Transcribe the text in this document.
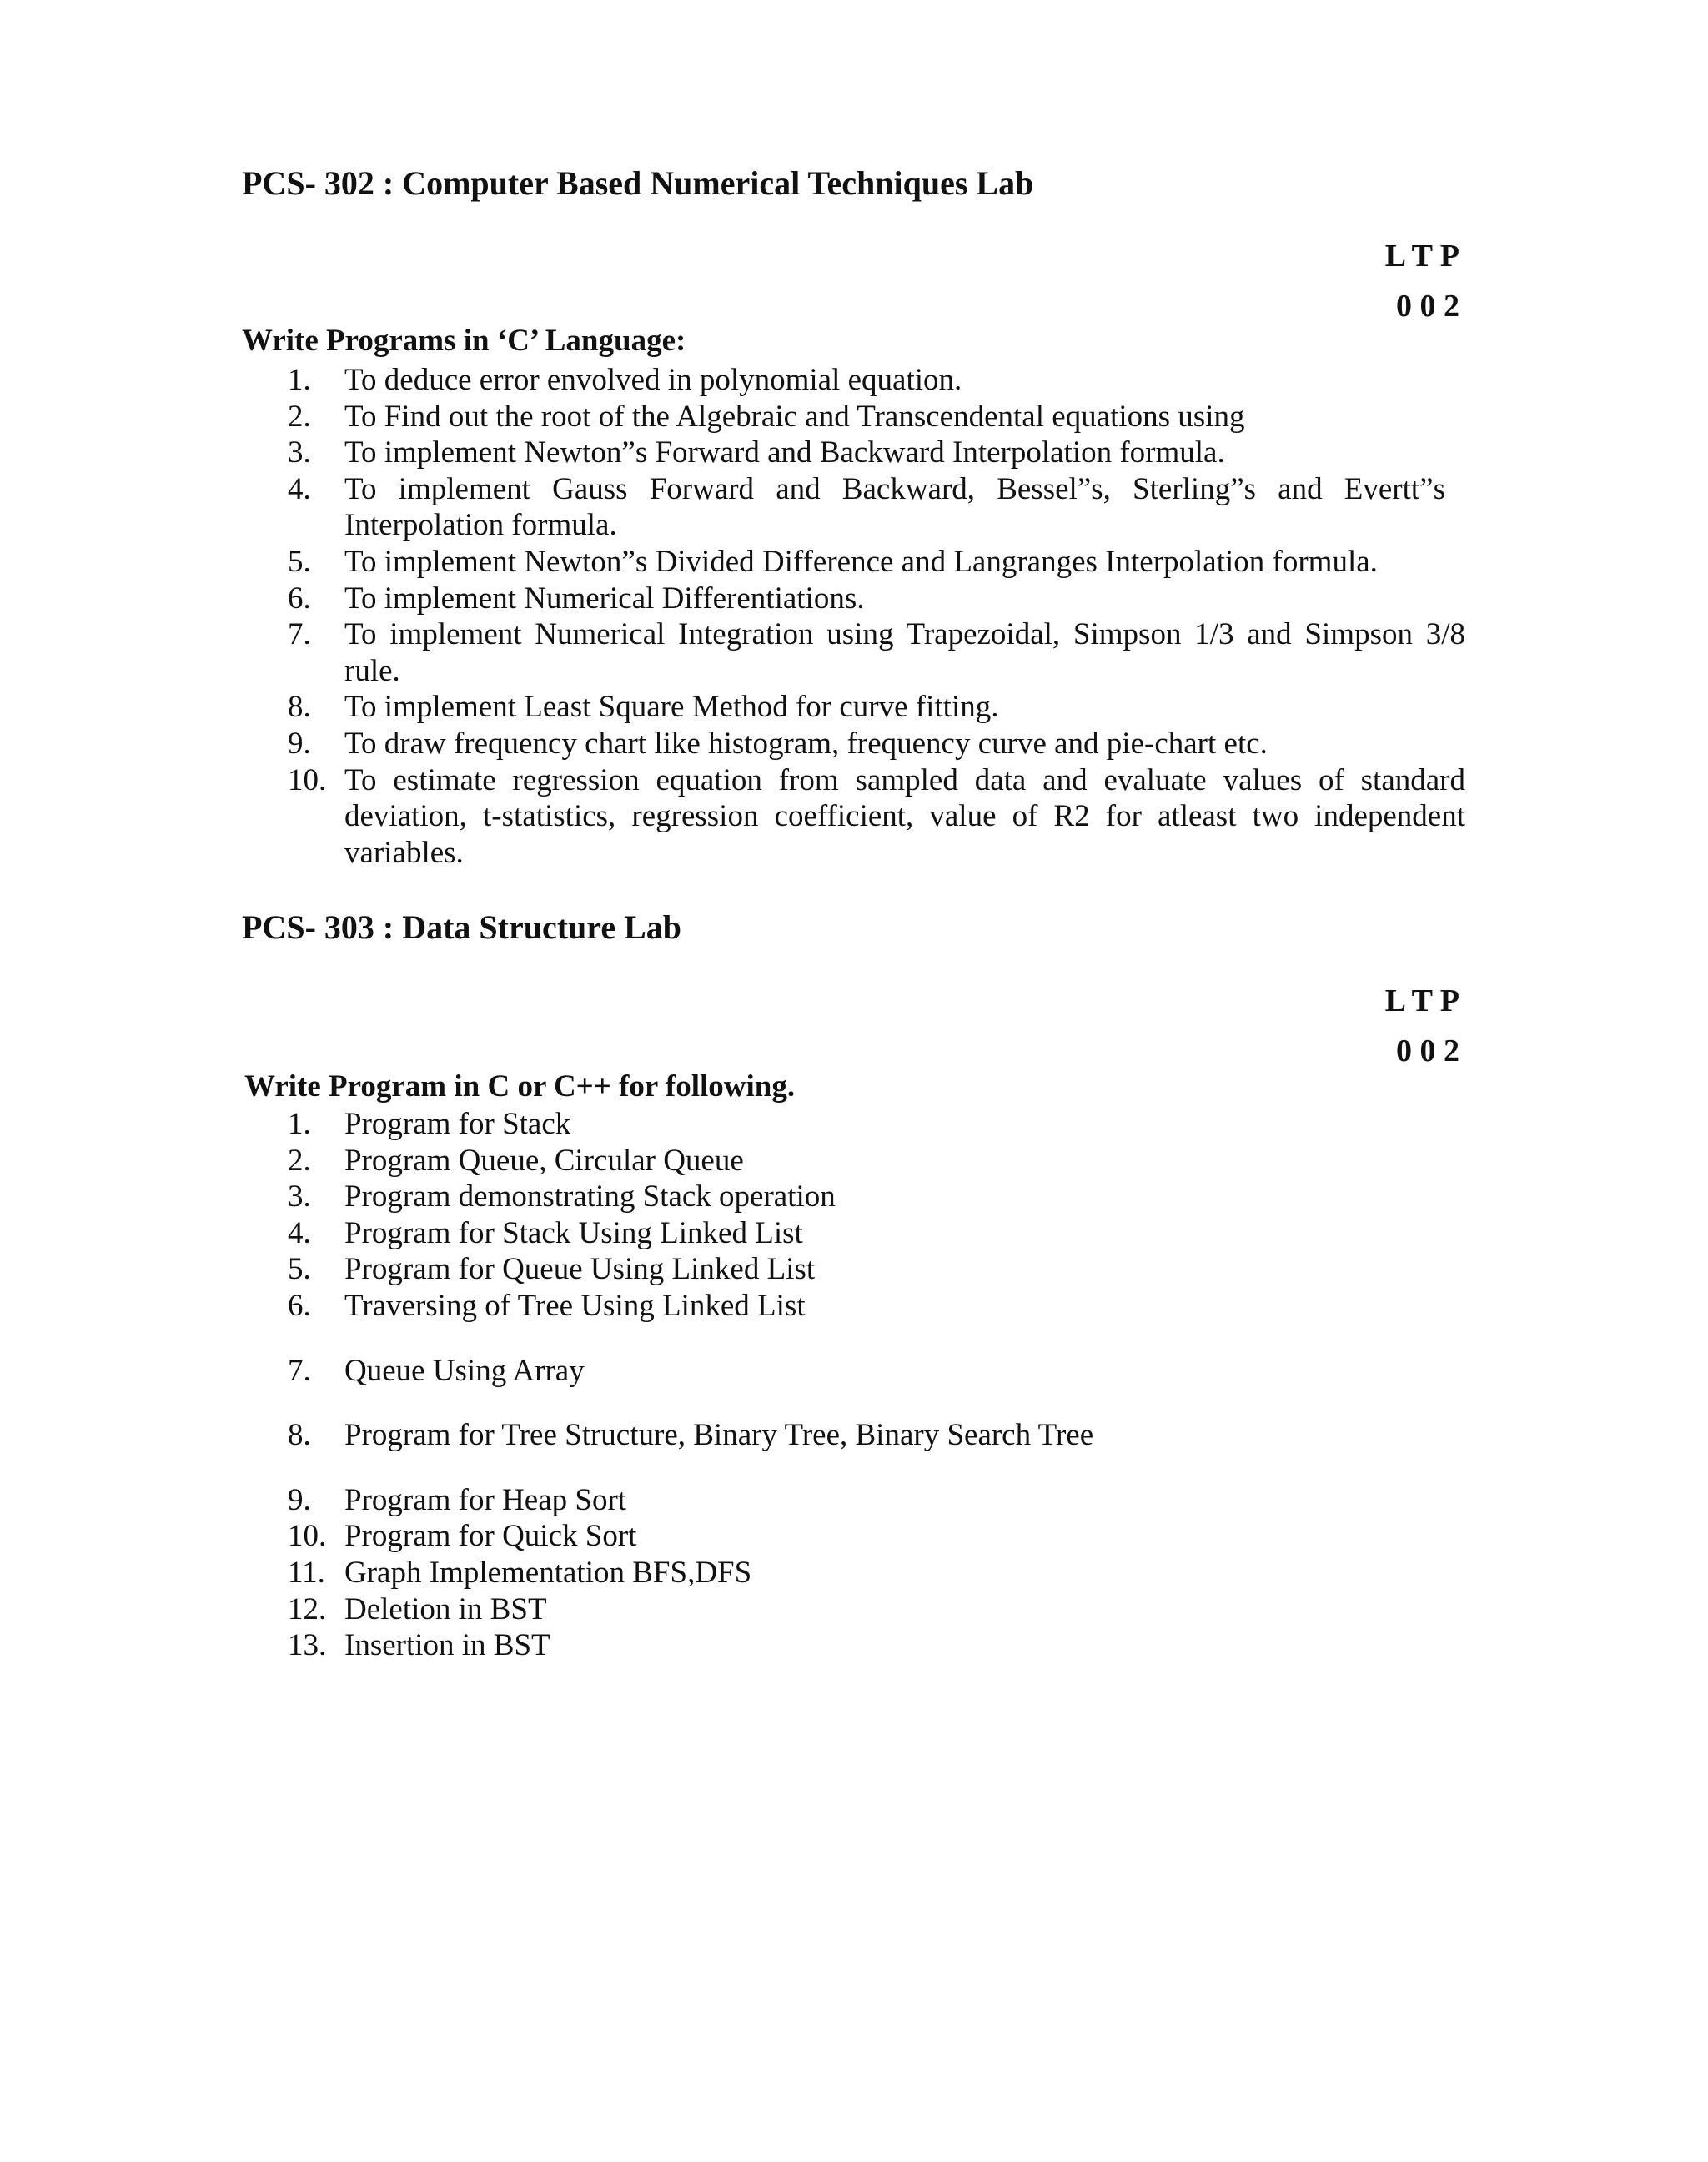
PCS- 302 : Computer Based Numerical Techniques Lab
L T P
0 0 2
Write Programs in ‘C’ Language:
1.	To deduce error envolved in polynomial equation.
2.	To Find out the root of the Algebraic and Transcendental equations using
3.	To implement Newton”s Forward and Backward Interpolation formula.
4.	To implement Gauss Forward and Backward, Bessel”s, Sterling”s and Evertt”s Interpolation formula.
5.	To implement Newton”s Divided Difference and Langranges Interpolation formula.
6.	To implement Numerical Differentiations.
7.	To implement Numerical Integration using Trapezoidal, Simpson 1/3 and Simpson 3/8 rule.
8.	To implement Least Square Method for curve fitting.
9.	To draw frequency chart like histogram, frequency curve and pie-chart etc.
10. To estimate regression equation from sampled data and evaluate values of standard deviation, t-statistics, regression coefficient, value of R2 for atleast two independent variables.
PCS- 303 : Data Structure Lab
L T P
0 0 2
Write Program in C or C++ for following.
1.	Program for Stack
2.	Program Queue, Circular Queue
3.	Program demonstrating Stack operation
4.	Program for Stack Using Linked List
5.	Program for Queue Using Linked List
6.	Traversing of Tree Using Linked List
7.	Queue Using Array
8.	Program for Tree Structure, Binary Tree, Binary Search Tree
9.	Program for Heap Sort
10. Program for Quick Sort
11. Graph Implementation BFS,DFS
12. Deletion in BST
13. Insertion in BST
